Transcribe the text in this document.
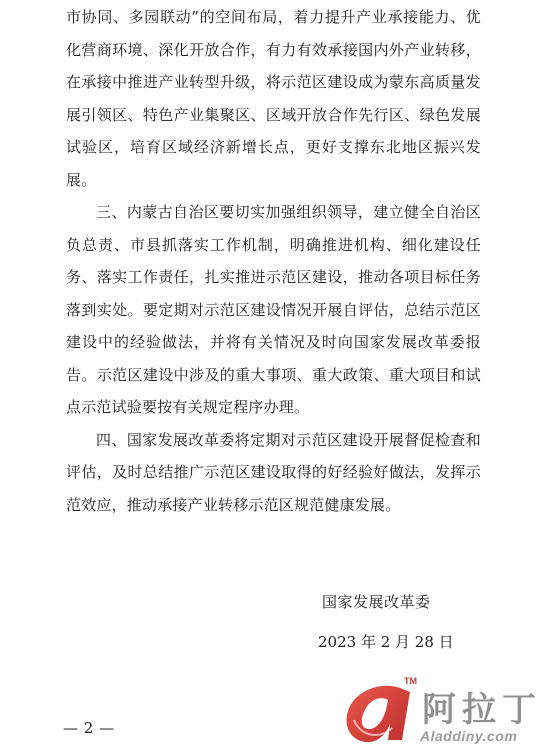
市协同、多园联动”的空间布局，着力提升产业承接能力、优化营商环境、深化开放合作，有力有效承接国内外产业转移，在承接中推进产业转型升级，将示范区建设成为蒙东高质量发展引领区、特色产业集聚区、区域开放合作先行区、绿色发展试验区，培育区域经济新增长点，更好支撑东北地区振兴发展。

三、内蒙古自治区要切实加强组织领导，建立健全自治区负总责、市县抓落实工作机制，明确推进机构、细化建设任务、落实工作责任，扎实推进示范区建设，推动各项目标任务落到实处。要定期对示范区建设情况开展自评估，总结示范区建设中的经验做法，并将有关情况及时向国家发展改革委报告。示范区建设中涉及的重大事项、重大政策、重大项目和试点示范试验要按有关规定程序办理。

四、国家发展改革委将定期对示范区建设开展督促检查和评估，及时总结推广示范区建设取得的好经验好做法，发挥示范效应，推动承接产业转移示范区规范健康发展。

国家发展改革委

2023 年 2 月 28 日

— 2 —
TM
阿拉丁
Aladdiny.com
